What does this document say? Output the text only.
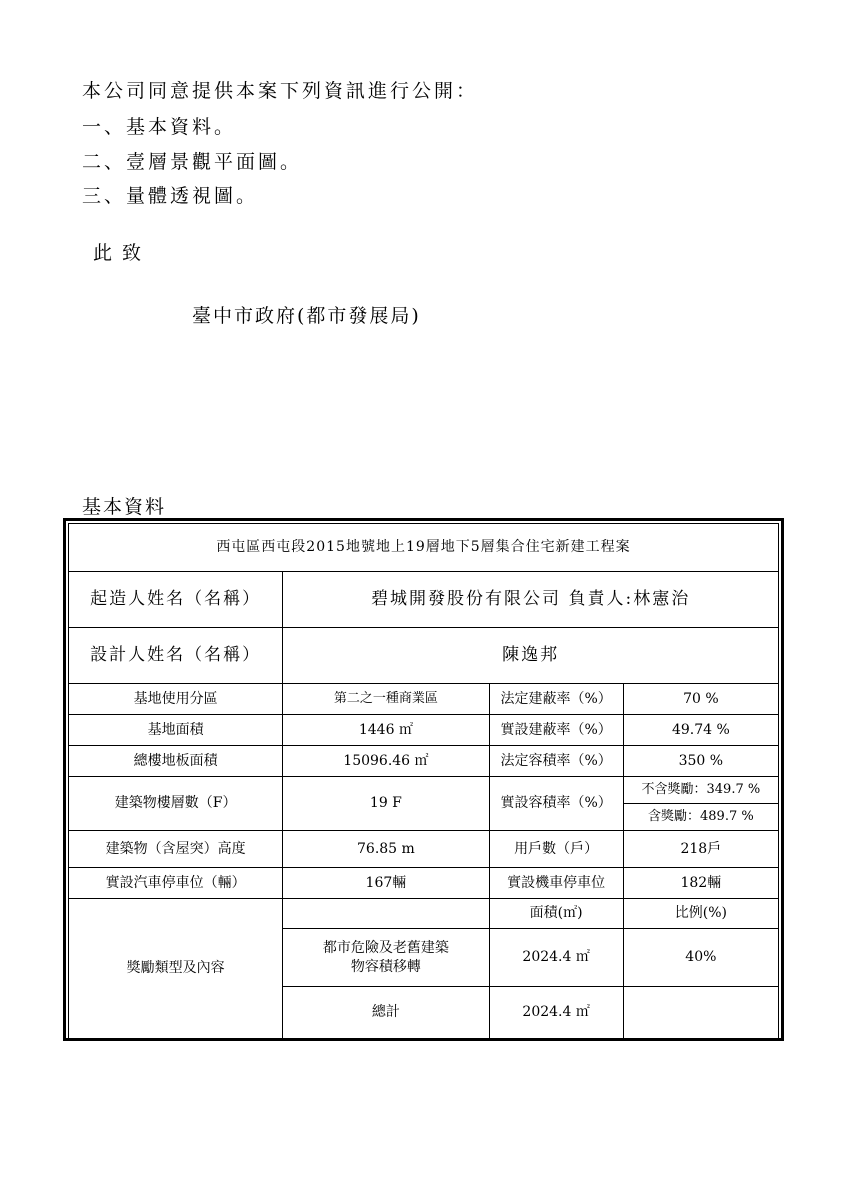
本公司同意提供本案下列資訊進行公開：
一、基本資料。
二、壹層景觀平面圖。
三、量體透視圖。
此致
臺中市政府(都市發展局)
基本資料
西屯區西屯段2015地號地上19層地下5層集合住宅新建工程案			
起造人姓名（名稱）	碧城開發股份有限公司 負責人:林憲治		
設計人姓名（名稱）	陳逸邦		
基地使用分區	第二之一種商業區	法定建蔽率（%）	70 %
基地面積	1446 ㎡	實設建蔽率（%）	49.74 %
總樓地板面積	15096.46 ㎡	法定容積率（%）	350 %
建築物樓層數（F）	19 F	實設容積率（%）	不含獎勵：349.7 %
			含獎勵：489.7 %
建築物（含屋突）高度	76.85 m	用戶數（戶）	218戶
實設汽車停車位（輛）	167輛	實設機車停車位	182輛
獎勵類型及內容		面積(㎡)	比例(%)
	都市危險及老舊建築物容積移轉	2024.4 ㎡	40%
	總計	2024.4 ㎡	
